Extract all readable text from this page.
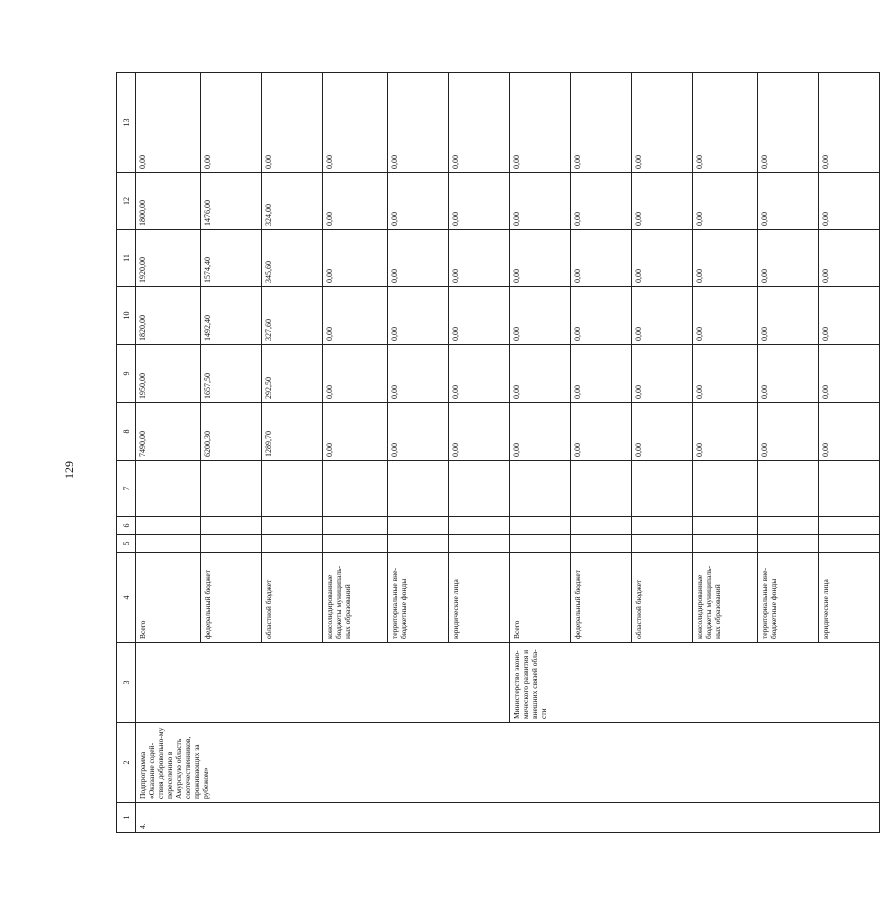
129
1	2	3	4	5	6	7	8	9	10	11	12	13
4.	Подпрограмма «Оказание содей-ствия добровольно-му переселению в Амурскую область соотечественников, проживающих за рубежом»		Всего				7490,00	1950,00	1820,00	1920,00	1800,00	0,00
			федеральный бюджет				6200,30	1657,50	1492,40	1574,40	1476,00	0,00
			областной бюджет				1289,70	292,50	327,60	345,60	324,00	0,00
			консолидированные бюджеты муниципаль-ных образований				0,00	0,00	0,00	0,00	0,00	0,00
			территориальные вне-бюджетные фонды				0,00	0,00	0,00	0,00	0,00	0,00
			юридические лица				0,00	0,00	0,00	0,00	0,00	0,00
		Министерство эконо-мического развития и внешних связей обла-сти	Всего				0,00	0,00	0,00	0,00	0,00	0,00
			федеральный бюджет				0,00	0,00	0,00	0,00	0,00	0,00
			областной бюджет				0,00	0,00	0,00	0,00	0,00	0,00
			консолидированные бюджеты муниципаль-ных образований				0,00	0,00	0,00	0,00	0,00	0,00
			территориальные вне-бюджетные фонды				0,00	0,00	0,00	0,00	0,00	0,00
			юридические лица				0,00	0,00	0,00	0,00	0,00	0,00
